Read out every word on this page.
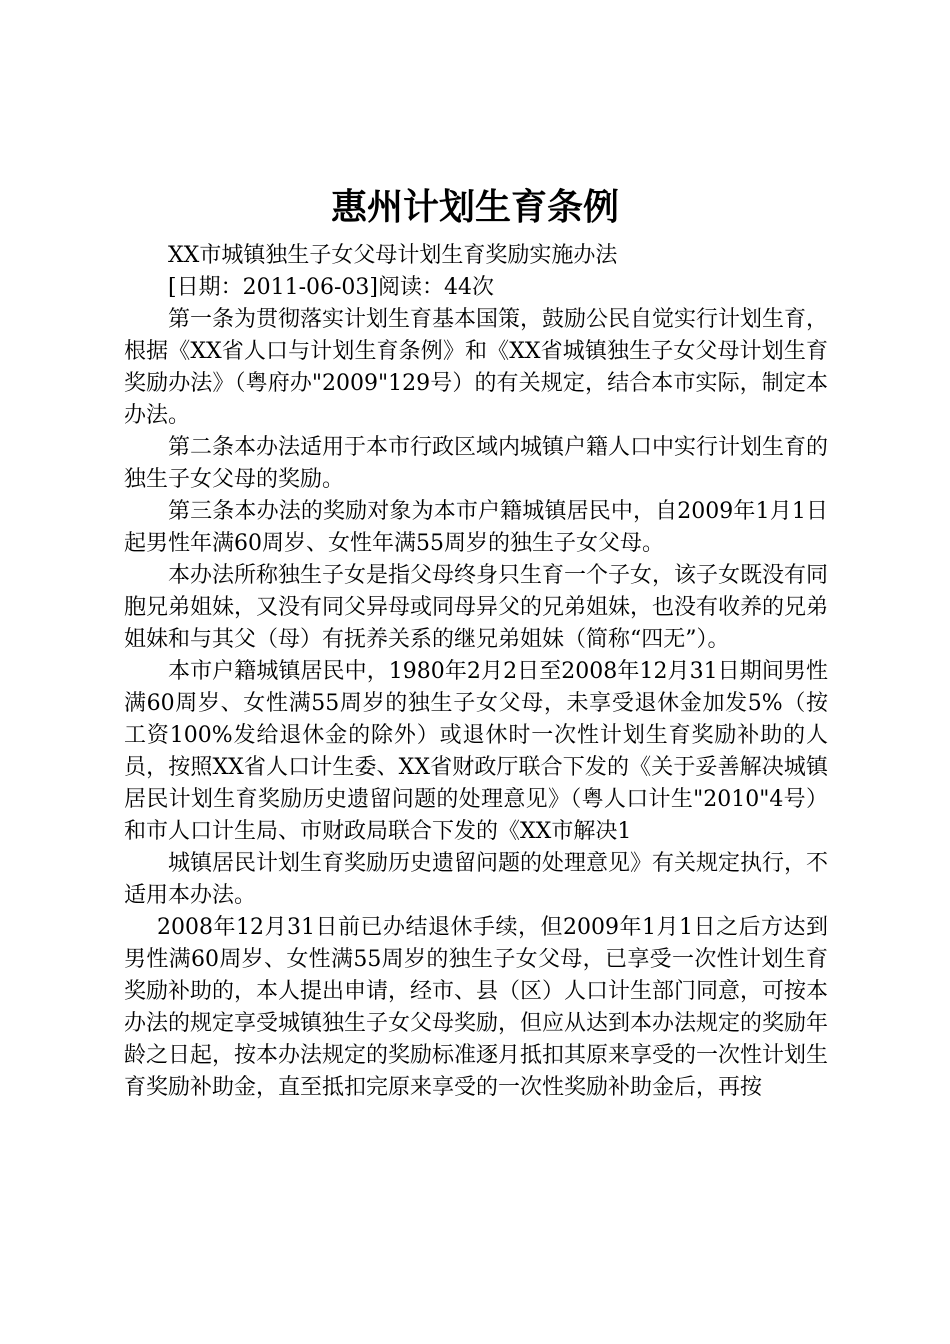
惠州计划生育条例

XX市城镇独生子女父母计划生育奖励实施办法

[日期：2011-06-03]阅读：44次

第一条为贯彻落实计划生育基本国策，鼓励公民自觉实行计划生育，根据《XX省人口与计划生育条例》和《XX省城镇独生子女父母计划生育奖励办法》（粤府办"2009"129号）的有关规定，结合本市实际，制定本办法。

第二条本办法适用于本市行政区域内城镇户籍人口中实行计划生育的独生子女父母的奖励。

第三条本办法的奖励对象为本市户籍城镇居民中，自2009年1月1日起男性年满60周岁、女性年满55周岁的独生子女父母。

本办法所称独生子女是指父母终身只生育一个子女，该子女既没有同胞兄弟姐妹，又没有同父异母或同母异父的兄弟姐妹，也没有收养的兄弟姐妹和与其父（母）有抚养关系的继兄弟姐妹（简称“四无”）。

本市户籍城镇居民中，1980年2月2日至2008年12月31日期间男性满60周岁、女性满55周岁的独生子女父母，未享受退休金加发5%（按工资100%发给退休金的除外）或退休时一次性计划生育奖励补助的人员，按照XX省人口计生委、XX省财政厅联合下发的《关于妥善解决城镇居民计划生育奖励历史遗留问题的处理意见》（粤人口计生"2010"4号）和市人口计生局、市财政局联合下发的《XX市解决1

城镇居民计划生育奖励历史遗留问题的处理意见》有关规定执行，不适用本办法。

2008年12月31日前已办结退休手续，但2009年1月1日之后方达到男性满60周岁、女性满55周岁的独生子女父母，已享受一次性计划生育奖励补助的，本人提出申请，经市、县（区）人口计生部门同意，可按本办法的规定享受城镇独生子女父母奖励，但应从达到本办法规定的奖励年龄之日起，按本办法规定的奖励标准逐月抵扣其原来享受的一次性计划生育奖励补助金，直至抵扣完原来享受的一次性奖励补助金后，再按
